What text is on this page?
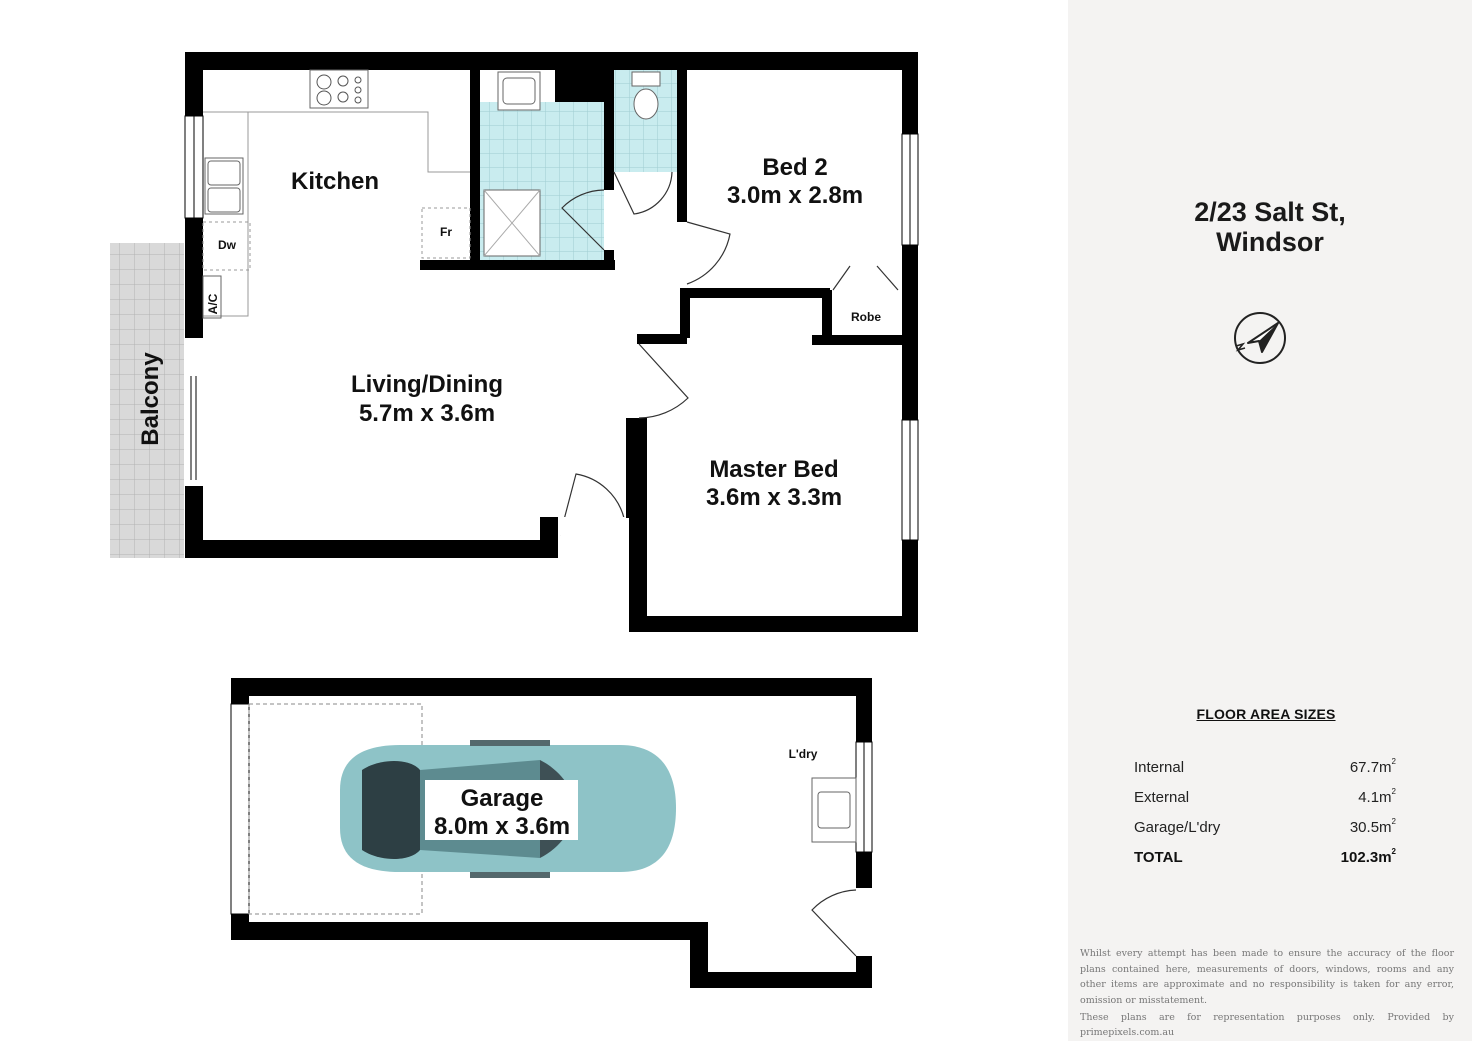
Kitchen
Bed 2
3.0m x 2.8m
Living/Dining
5.7m x 3.6m
Master Bed
3.6m x 3.3m
Balcony
Dw
Fr
A/C
Robe
Garage
8.0m x 3.6m
L'dry
2/23 Salt St,
Windsor
FLOOR AREA SIZES
Internal	$67.7m^2$
External	$4.1m^2$
Garage/L'dry	$30.5m^2$
TOTAL	$102.3m^2$
Whilst every attempt has been made to ensure the accuracy of the floor plans contained here, measurements of doors, windows, rooms and any other items are approximate and no responsibility is taken for any error, omission or misstatement.
These plans are for representation purposes only. Provided by primepixels.com.au
